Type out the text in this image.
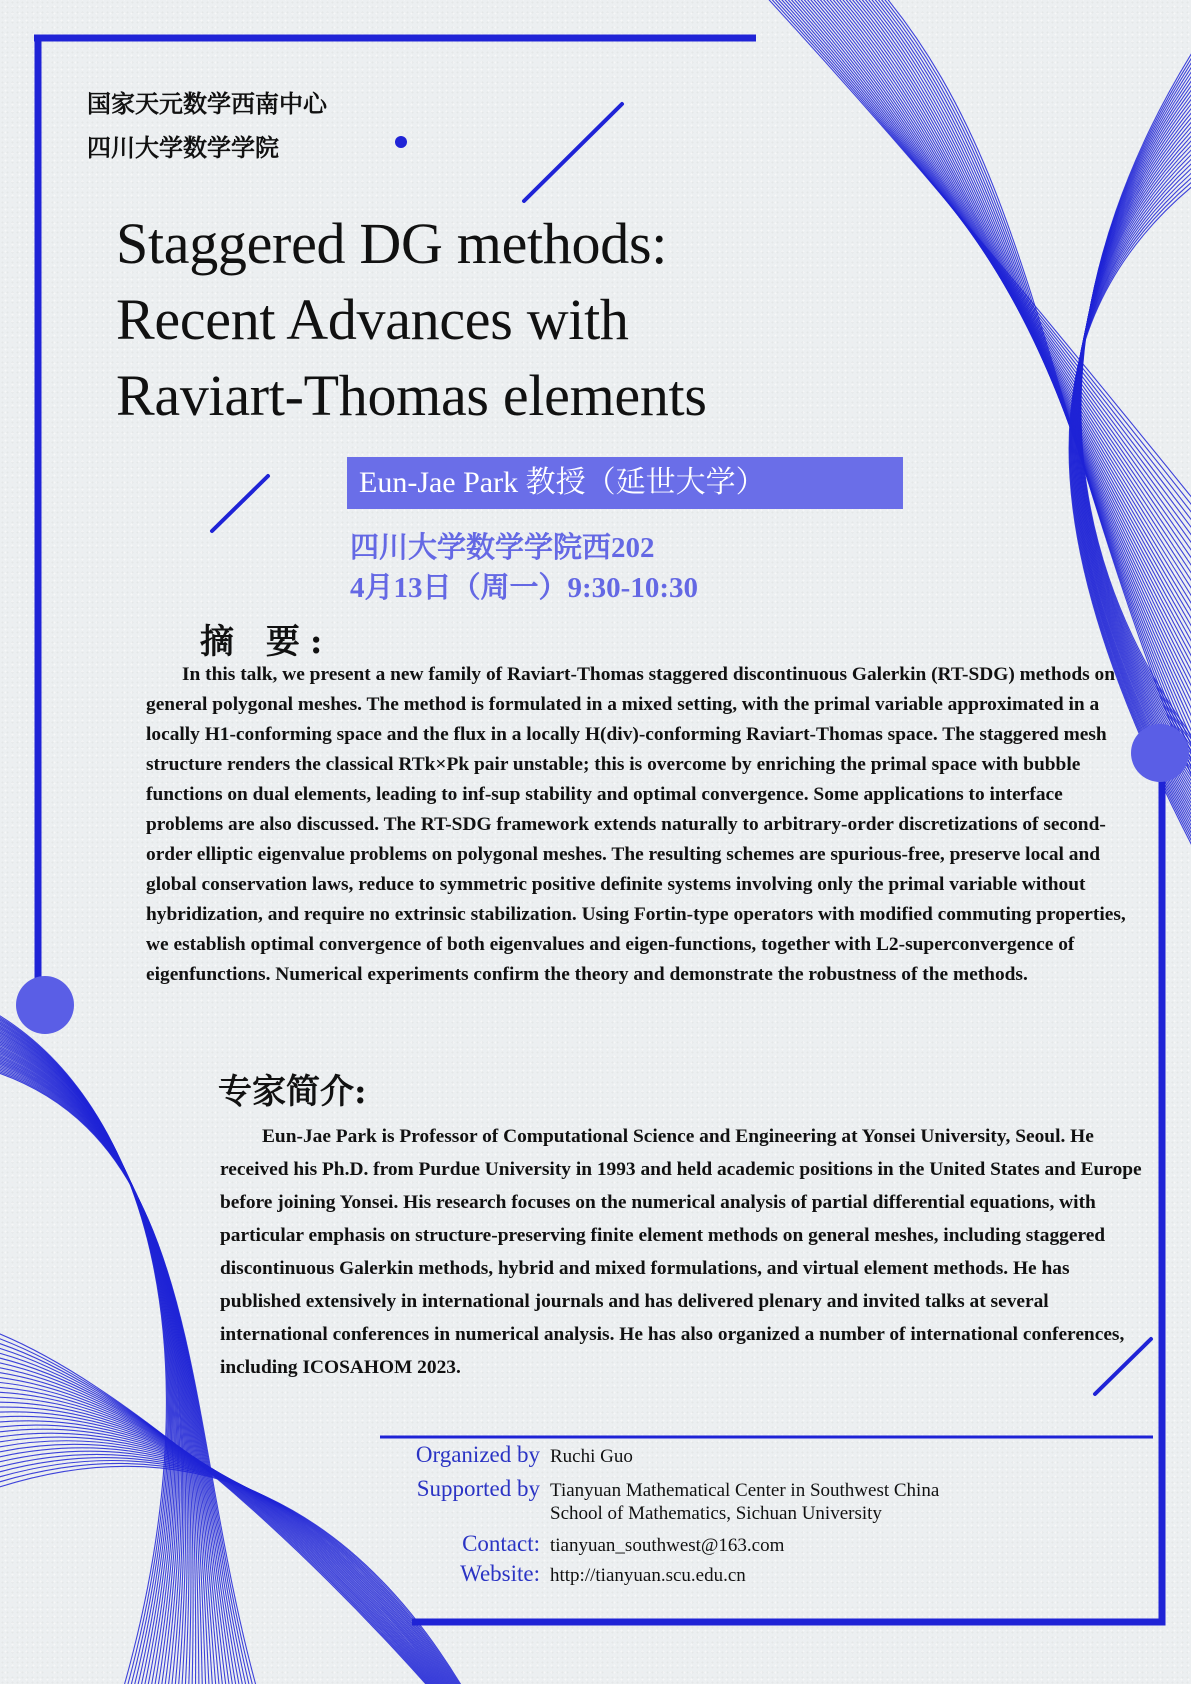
国家天元数学西南中心
四川大学数学学院
Staggered DG methods:
Recent Advances with
Raviart-Thomas elements
Eun-Jae Park 教授（延世大学）
四川大学数学学院西202
4月13日（周一）9:30-10:30
摘 要:

In this talk, we present a new family of Raviart-Thomas staggered discontinuous Galerkin (RT-SDG) methods on general polygonal meshes. The method is formulated in a mixed setting, with the primal variable approximated in a locally H1-conforming space and the flux in a locally H(div)-conforming Raviart-Thomas space. The staggered mesh structure renders the classical RTk×Pk pair unstable; this is overcome by enriching the primal space with bubble functions on dual elements, leading to inf-sup stability and optimal convergence. Some applications to interface problems are also discussed. The RT-SDG framework extends naturally to arbitrary-order discretizations of second-order elliptic eigenvalue problems on polygonal meshes. The resulting schemes are spurious-free, preserve local and global conservation laws, reduce to symmetric positive definite systems involving only the primal variable without hybridization, and require no extrinsic stabilization. Using Fortin-type operators with modified commuting properties, we establish optimal convergence of both eigenvalues and eigen-functions, together with L2-superconvergence of eigenfunctions. Numerical experiments confirm the theory and demonstrate the robustness of the methods.

专家简介:

Eun-Jae Park is Professor of Computational Science and Engineering at Yonsei University, Seoul. He received his Ph.D. from Purdue University in 1993 and held academic positions in the United States and Europe before joining Yonsei. His research focuses on the numerical analysis of partial differential equations, with particular emphasis on structure-preserving finite element methods on general meshes, including staggered discontinuous Galerkin methods, hybrid and mixed formulations, and virtual element methods. He has published extensively in international journals and has delivered plenary and invited talks at several international conferences in numerical analysis. He has also organized a number of international conferences, including ICOSAHOM 2023.

Organized by Ruchi Guo
Supported by Tianyuan Mathematical Center in Southwest China
School of Mathematics, Sichuan University
Contact: tianyuan_southwest@163.com
Website: http://tianyuan.scu.edu.cn
